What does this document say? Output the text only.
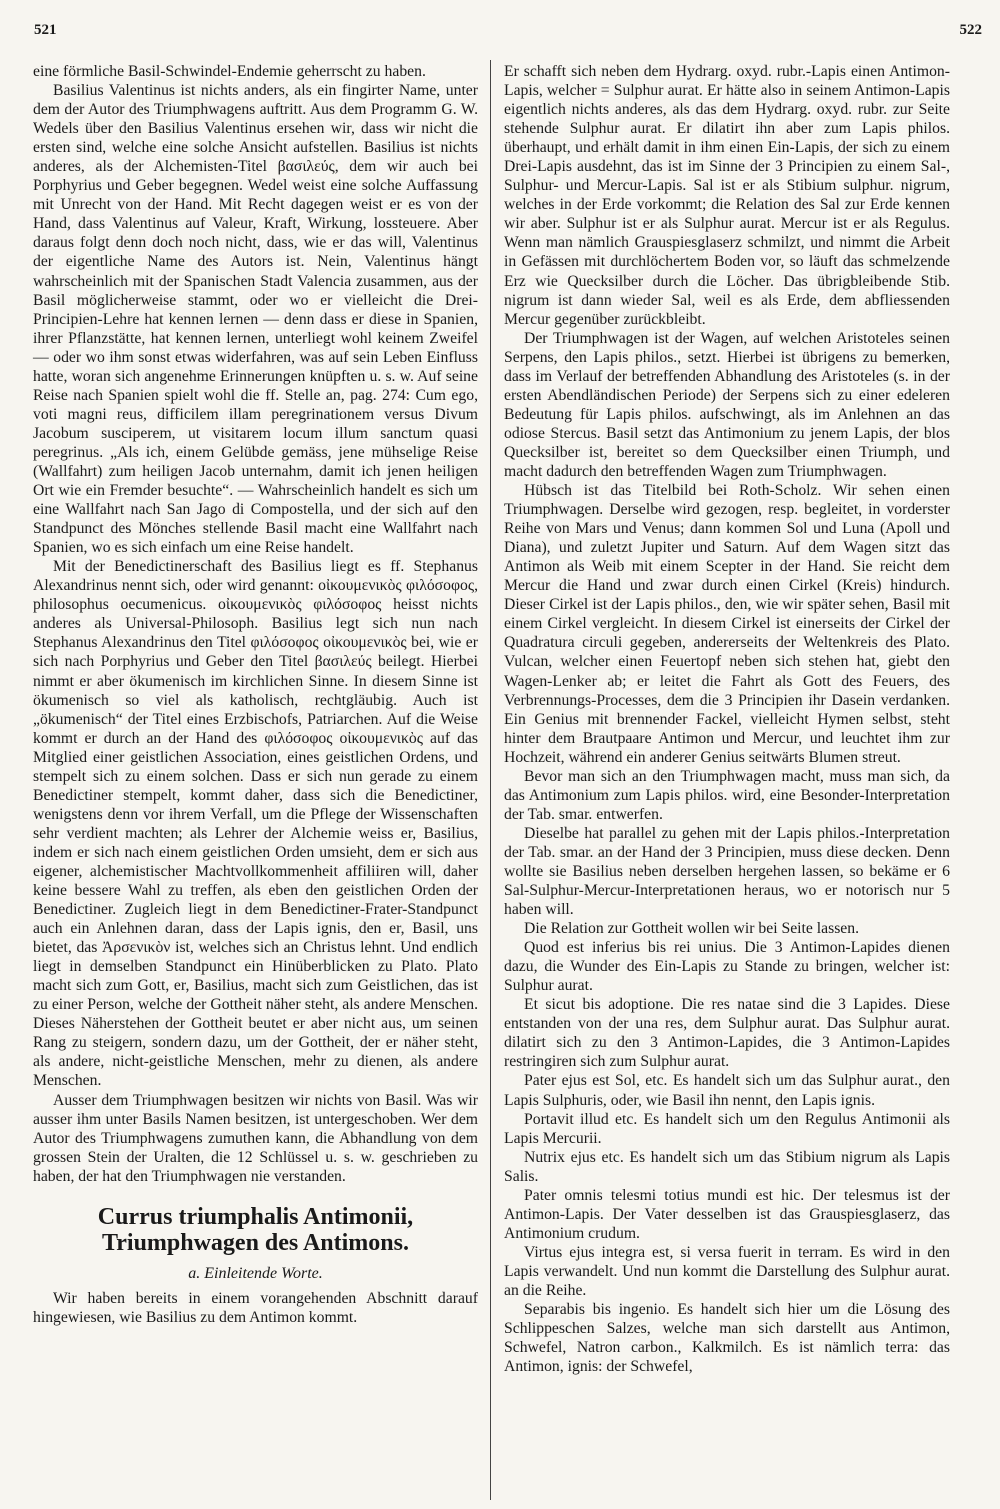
521	522

eine förmliche Basil-Schwindel-Endemie geherrscht zu haben.

Basilius Valentinus ist nichts anders, als ein fingirter Name, unter dem der Autor des Triumphwagens auftritt. Aus dem Programm G. W. Wedels über den Basilius Valentinus ersehen wir, dass wir nicht die ersten sind, welche eine solche Ansicht aufstellen. Basilius ist nichts anderes, als der Alchemisten-Titel βασιλεύς, dem wir auch bei Porphyrius und Geber begegnen. Wedel weist eine solche Auffassung mit Unrecht von der Hand. Mit Recht dagegen weist er es von der Hand, dass Valentinus auf Valeur, Kraft, Wirkung, lossteuere. Aber daraus folgt denn doch noch nicht, dass, wie er das will, Valentinus der eigentliche Name des Autors ist. Nein, Valentinus hängt wahrscheinlich mit der Spanischen Stadt Valencia zusammen, aus der Basil möglicherweise stammt, oder wo er vielleicht die Drei-Principien-Lehre hat kennen lernen — denn dass er diese in Spanien, ihrer Pflanzstätte, hat kennen lernen, unterliegt wohl keinem Zweifel — oder wo ihm sonst etwas widerfahren, was auf sein Leben Einfluss hatte, woran sich angenehme Erinnerungen knüpften u. s. w. Auf seine Reise nach Spanien spielt wohl die ff. Stelle an, pag. 274: Cum ego, voti magni reus, difficilem illam peregrinationem versus Divum Jacobum susciperem, ut visitarem locum illum sanctum quasi peregrinus. „Als ich, einem Gelübde gemäss, jene mühselige Reise (Wallfahrt) zum heiligen Jacob unternahm, damit ich jenen heiligen Ort wie ein Fremder besuchte“. — Wahrscheinlich handelt es sich um eine Wallfahrt nach San Jago di Compostella, und der sich auf den Standpunct des Mönches stellende Basil macht eine Wallfahrt nach Spanien, wo es sich einfach um eine Reise handelt.

Mit der Benedictinerschaft des Basilius liegt es ff. Stephanus Alexandrinus nennt sich, oder wird genannt: οἰκουμενικὸς φιλόσοφος, philosophus oecumenicus. οἰκουμενικὸς φιλόσοφος heisst nichts anderes als Universal-Philosoph. Basilius legt sich nun nach Stephanus Alexandrinus den Titel φιλόσοφος οἰκουμενικὸς bei, wie er sich nach Porphyrius und Geber den Titel βασιλεύς beilegt. Hierbei nimmt er aber ökumenisch im kirchlichen Sinne. In diesem Sinne ist ökumenisch so viel als katholisch, rechtgläubig. Auch ist „ökumenisch“ der Titel eines Erzbischofs, Patriarchen. Auf die Weise kommt er durch an der Hand des φιλόσοφος οἰκουμενικὸς auf das Mitglied einer geistlichen Association, eines geistlichen Ordens, und stempelt sich zu einem solchen. Dass er sich nun gerade zu einem Benedictiner stempelt, kommt daher, dass sich die Benedictiner, wenigstens denn vor ihrem Verfall, um die Pflege der Wissenschaften sehr verdient machten; als Lehrer der Alchemie weiss er, Basilius, indem er sich nach einem geistlichen Orden umsieht, dem er sich aus eigener, alchemistischer Machtvollkommenheit affiliiren will, daher keine bessere Wahl zu treffen, als eben den geistlichen Orden der Benedictiner. Zugleich liegt in dem Benedictiner-Frater-Standpunct auch ein Anlehnen daran, dass der Lapis ignis, den er, Basil, uns bietet, das Ἀρσενικὸν ist, welches sich an Christus lehnt. Und endlich liegt in demselben Standpunct ein Hinüberblicken zu Plato. Plato macht sich zum Gott, er, Basilius, macht sich zum Geistlichen, das ist zu einer Person, welche der Gottheit näher steht, als andere Menschen. Dieses Näherstehen der Gottheit beutet er aber nicht aus, um seinen Rang zu steigern, sondern dazu, um der Gottheit, der er näher steht, als andere, nicht-geistliche Menschen, mehr zu dienen, als andere Menschen.

Ausser dem Triumphwagen besitzen wir nichts von Basil. Was wir ausser ihm unter Basils Namen besitzen, ist untergeschoben. Wer dem Autor des Triumphwagens zumuthen kann, die Abhandlung von dem grossen Stein der Uralten, die 12 Schlüssel u. s. w. geschrieben zu haben, der hat den Triumphwagen nie verstanden.

Currus triumphalis Antimonii, Triumphwagen des Antimons.
a. Einleitende Worte.

Wir haben bereits in einem vorangehenden Abschnitt darauf hingewiesen, wie Basilius zu dem Antimon kommt.

Er schafft sich neben dem Hydrarg. oxyd. rubr.-Lapis einen Antimon-Lapis, welcher = Sulphur aurat. Er hätte also in seinem Antimon-Lapis eigentlich nichts anderes, als das dem Hydrarg. oxyd. rubr. zur Seite stehende Sulphur aurat. Er dilatirt ihn aber zum Lapis philos. überhaupt, und erhält damit in ihm einen Ein-Lapis, der sich zu einem Drei-Lapis ausdehnt, das ist im Sinne der 3 Principien zu einem Sal-, Sulphur- und Mercur-Lapis. Sal ist er als Stibium sulphur. nigrum, welches in der Erde vorkommt; die Relation des Sal zur Erde kennen wir aber. Sulphur ist er als Sulphur aurat. Mercur ist er als Regulus. Wenn man nämlich Grauspiesglaserz schmilzt, und nimmt die Arbeit in Gefässen mit durchlöchertem Boden vor, so läuft das schmelzende Erz wie Quecksilber durch die Löcher. Das übrigbleibende Stib. nigrum ist dann wieder Sal, weil es als Erde, dem abfliessenden Mercur gegenüber zurückbleibt.

Der Triumphwagen ist der Wagen, auf welchen Aristoteles seinen Serpens, den Lapis philos., setzt. Hierbei ist übrigens zu bemerken, dass im Verlauf der betreffenden Abhandlung des Aristoteles (s. in der ersten Abendländischen Periode) der Serpens sich zu einer edeleren Bedeutung für Lapis philos. aufschwingt, als im Anlehnen an das odiose Stercus. Basil setzt das Antimonium zu jenem Lapis, der blos Quecksilber ist, bereitet so dem Quecksilber einen Triumph, und macht dadurch den betreffenden Wagen zum Triumphwagen.

Hübsch ist das Titelbild bei Roth-Scholz. Wir sehen einen Triumphwagen. Derselbe wird gezogen, resp. begleitet, in vorderster Reihe von Mars und Venus; dann kommen Sol und Luna (Apoll und Diana), und zuletzt Jupiter und Saturn. Auf dem Wagen sitzt das Antimon als Weib mit einem Scepter in der Hand. Sie reicht dem Mercur die Hand und zwar durch einen Cirkel (Kreis) hindurch. Dieser Cirkel ist der Lapis philos., den, wie wir später sehen, Basil mit einem Cirkel vergleicht. In diesem Cirkel ist einerseits der Cirkel der Quadratura circuli gegeben, andererseits der Weltenkreis des Plato. Vulcan, welcher einen Feuertopf neben sich stehen hat, giebt den Wagen-Lenker ab; er leitet die Fahrt als Gott des Feuers, des Verbrennungs-Processes, dem die 3 Principien ihr Dasein verdanken. Ein Genius mit brennender Fackel, vielleicht Hymen selbst, steht hinter dem Brautpaare Antimon und Mercur, und leuchtet ihm zur Hochzeit, während ein anderer Genius seitwärts Blumen streut.

Bevor man sich an den Triumphwagen macht, muss man sich, da das Antimonium zum Lapis philos. wird, eine Besonder-Interpretation der Tab. smar. entwerfen.

Dieselbe hat parallel zu gehen mit der Lapis philos.-Interpretation der Tab. smar. an der Hand der 3 Principien, muss diese decken. Denn wollte sie Basilius neben derselben hergehen lassen, so bekäme er 6 Sal-Sulphur-Mercur-Interpretationen heraus, wo er notorisch nur 5 haben will.

Die Relation zur Gottheit wollen wir bei Seite lassen.

Quod est inferius bis rei unius. Die 3 Antimon-Lapides dienen dazu, die Wunder des Ein-Lapis zu Stande zu bringen, welcher ist: Sulphur aurat.

Et sicut bis adoptione. Die res natae sind die 3 Lapides. Diese entstanden von der una res, dem Sulphur aurat. Das Sulphur aurat. dilatirt sich zu den 3 Antimon-Lapides, die 3 Antimon-Lapides restringiren sich zum Sulphur aurat.

Pater ejus est Sol, etc. Es handelt sich um das Sulphur aurat., den Lapis Sulphuris, oder, wie Basil ihn nennt, den Lapis ignis.

Portavit illud etc. Es handelt sich um den Regulus Antimonii als Lapis Mercurii.

Nutrix ejus etc. Es handelt sich um das Stibium nigrum als Lapis Salis.

Pater omnis telesmi totius mundi est hic. Der telesmus ist der Antimon-Lapis. Der Vater desselben ist das Grauspiesglaserz, das Antimonium crudum.

Virtus ejus integra est, si versa fuerit in terram. Es wird in den Lapis verwandelt. Und nun kommt die Darstellung des Sulphur aurat. an die Reihe.

Separabis bis ingenio. Es handelt sich hier um die Lösung des Schlippeschen Salzes, welche man sich darstellt aus Antimon, Schwefel, Natron carbon., Kalkmilch. Es ist nämlich terra: das Antimon, ignis: der Schwefel,
